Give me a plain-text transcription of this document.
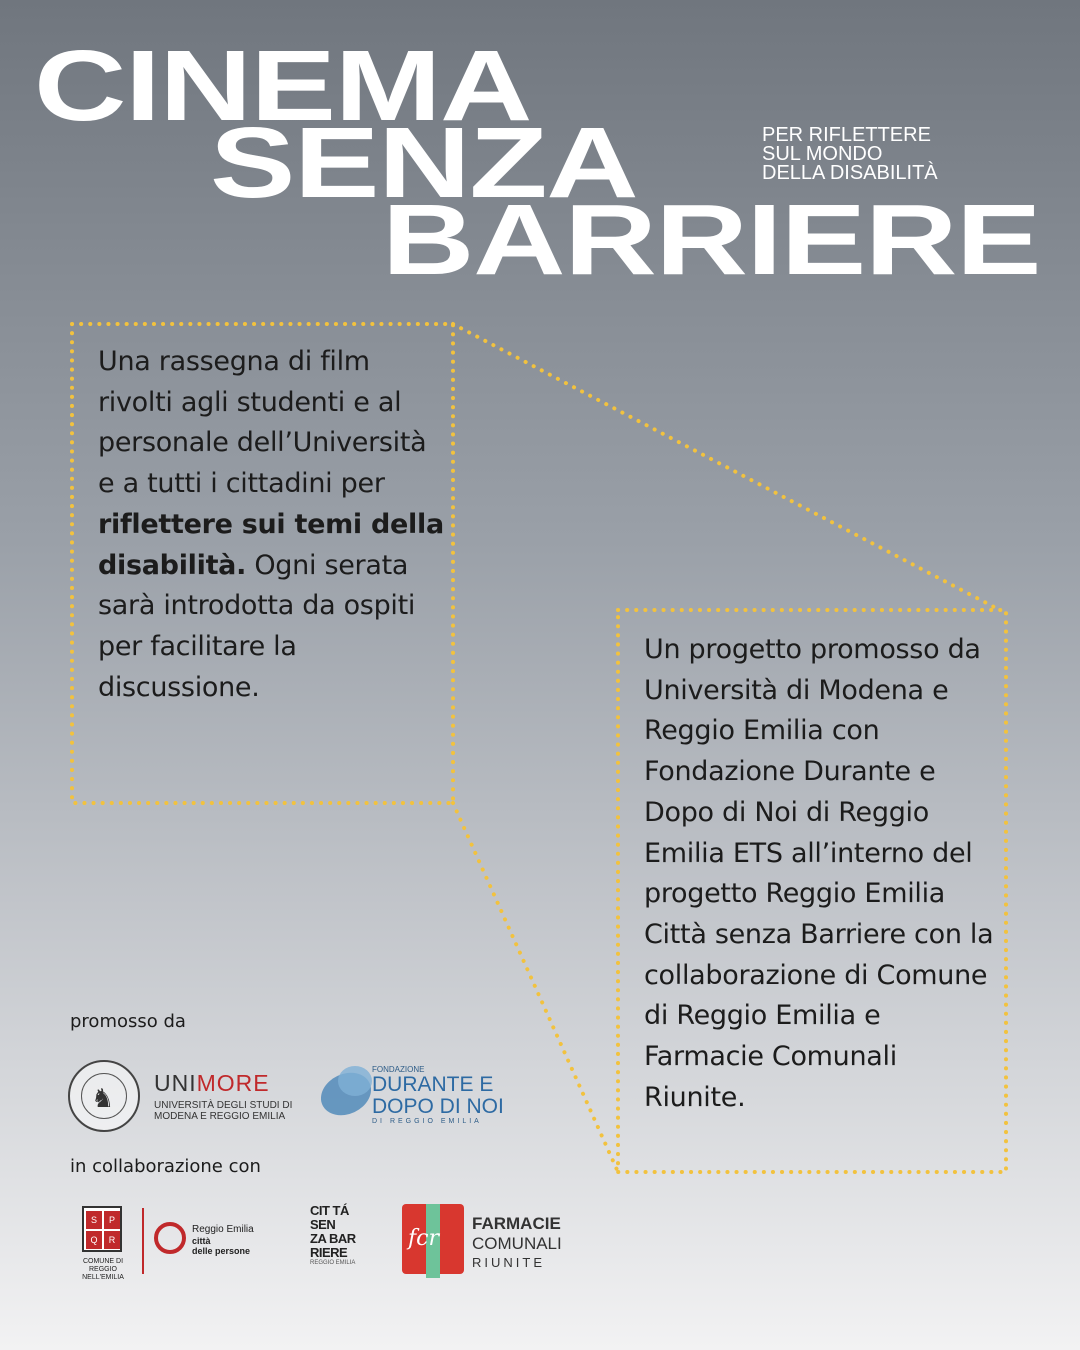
CINEMA
SENZA
BARRIERE
PER RIFLETTERE
SUL MONDO
DELLA DISABILITÀ
Una rassegna di film rivolti agli studenti e al personale dell’Università e a tutti i cittadini per riflettere sui temi della disabilità. Ogni serata sarà introdotta da ospiti per facilitare la discussione.
Un progetto promosso da Università di Modena e Reggio Emilia con Fondazione Durante e Dopo di Noi di Reggio Emilia ETS all’interno del progetto Reggio Emilia Città senza Barriere con la collaborazione di Comune di Reggio Emilia e Farmacie Comunali Riunite.
promosso da
in collaborazione con
♞
UNIMORE
UNIVERSITÀ DEGLI STUDI DI
MODENA E REGGIO EMILIA
FONDAZIONE
DURANTE E
DOPO DI NOI
DI REGGIO EMILIA
S	P
Q	R
COMUNE DI
REGGIO NELL'EMILIA
Reggio Emilia
città
delle persone
CIT TÁ
SEN
ZA BAR
RIERE
REGGIO EMILIA
fcr
FARMACIE
COMUNALI
RIUNITE
